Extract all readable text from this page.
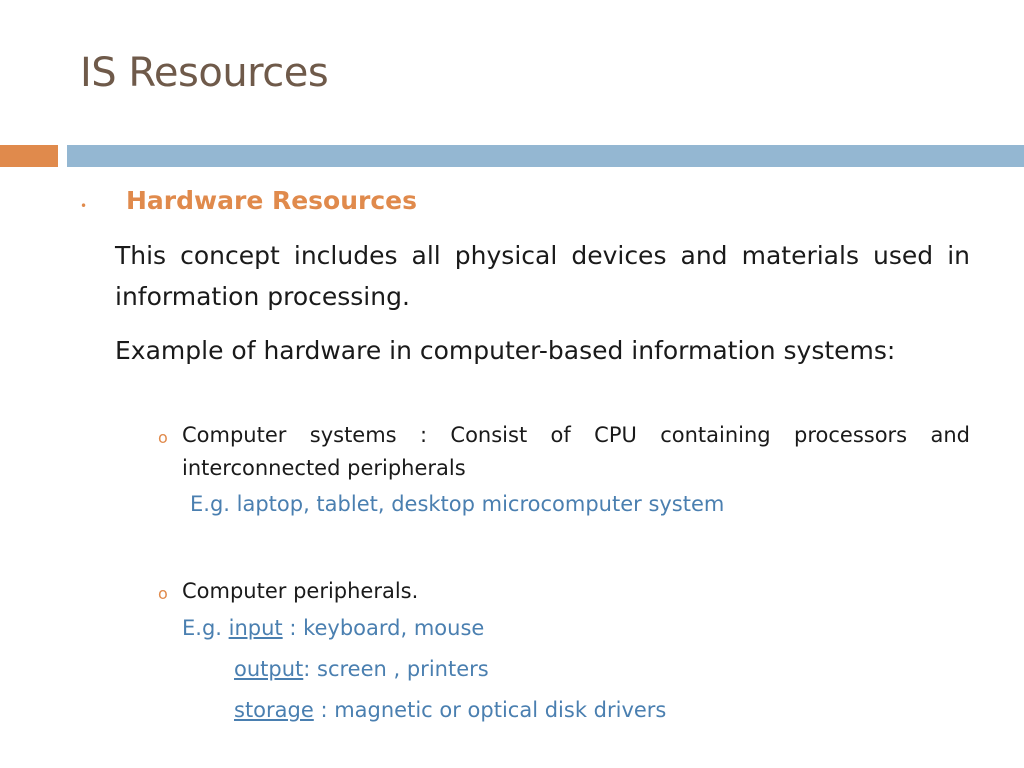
IS Resources
• Hardware Resources
This concept includes all physical devices and materials used in information processing.
Example of hardware in computer-based information systems:
o Computer systems : Consist of CPU containing processors and interconnected peripherals
E.g. laptop, tablet, desktop microcomputer system
o Computer peripherals.
E.g. input : keyboard, mouse
output: screen , printers
storage : magnetic or optical disk drivers
